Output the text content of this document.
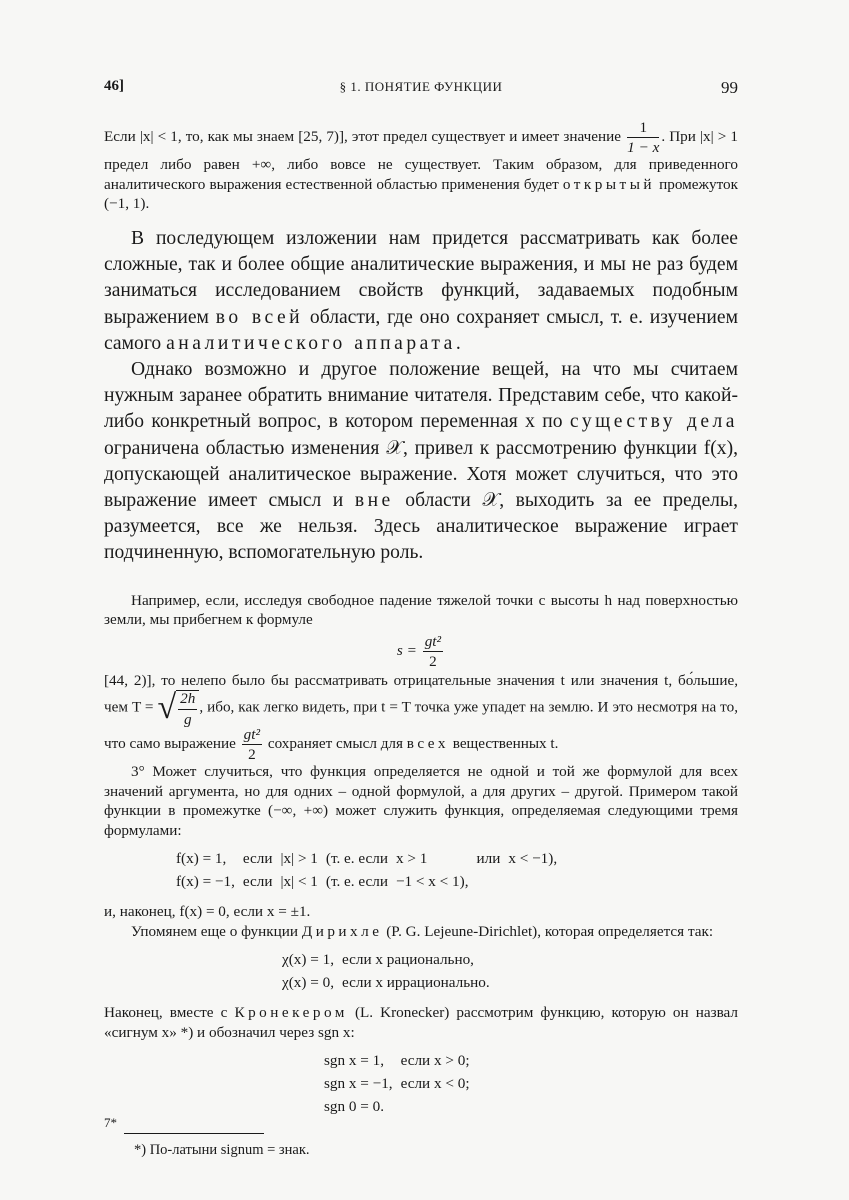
46]	§ 1. ПОНЯТИЕ ФУНКЦИИ	99

Если |x| < 1, то, как мы знаем [25, 7)], этот предел существует и имеет значение $\frac{1}{1 - x}$ . При |x| > 1 предел либо равен +∞, либо вовсе не существует. Таким образом, для приведенного аналитического выражения естественной областью применения будет открытый промежуток (−1, 1).

В последующем изложении нам придется рассматривать как более сложные, так и более общие аналитические выражения, и мы не раз будем заниматься исследованием свойств функций, задаваемых подобным выражением во всей области, где оно сохраняет смысл, т. е. изучением самого аналитического аппарата.

Однако возможно и другое положение вещей, на что мы считаем нужным заранее обратить внимание читателя. Представим себе, что какой-либо конкретный вопрос, в котором переменная x по существу дела ограничена областью изменения 𝒳, привел к рассмотрению функции f(x), допускающей аналитическое выражение. Хотя может случиться, что это выражение имеет смысл и вне области 𝒳, выходить за ее пределы, разумеется, все же нельзя. Здесь аналитическое выражение играет подчиненную, вспомогательную роль.

Например, если, исследуя свободное падение тяжелой точки с высоты h над поверхностью земли, мы прибегнем к формуле

$s = \frac{\text{gt²}}{2}$

[44, 2)], то нелепо было бы рассматривать отрицательные значения t или значения t, бо́льшие, чем T = √ $\frac{2h}{g}$ , ибо, как легко видеть, при t = T точка уже упадет на землю. И это несмотря на то, что само выражение $\frac{\text{gt²}}{2}$ сохраняет смысл для всех вещественных t.

3° Может случиться, что функция определяется не одной и той же формулой для всех значений аргумента, но для одних – одной формулой, а для других – другой. Примером такой функции в промежутке (−∞, +∞) может служить функция, определяемая следующими тремя формулами:

f(x) = 1,	если	|x| > 1	(т. е. если	x > 1	или	x < −1),
f(x) = −1,	если	|x| < 1	(т. е. если	−1 < x < 1),		

и, наконец, f(x) = 0, если x = ±1.

Упомянем еще о функции Дирихле (P. G. Lejeune-Dirichlet), которая определяется так:

χ(x) = 1,	если x рационально,
χ(x) = 0,	если x иррационально.

Наконец, вместе с Кронекером (L. Kronecker) рассмотрим функцию, которую он назвал «сигнум x» *) и обозначил через sgn x:

sgn x = 1,	если x > 0;
sgn x = −1,	если x < 0;
sgn 0 = 0.	

*) По-латыни signum = знак.

7*
